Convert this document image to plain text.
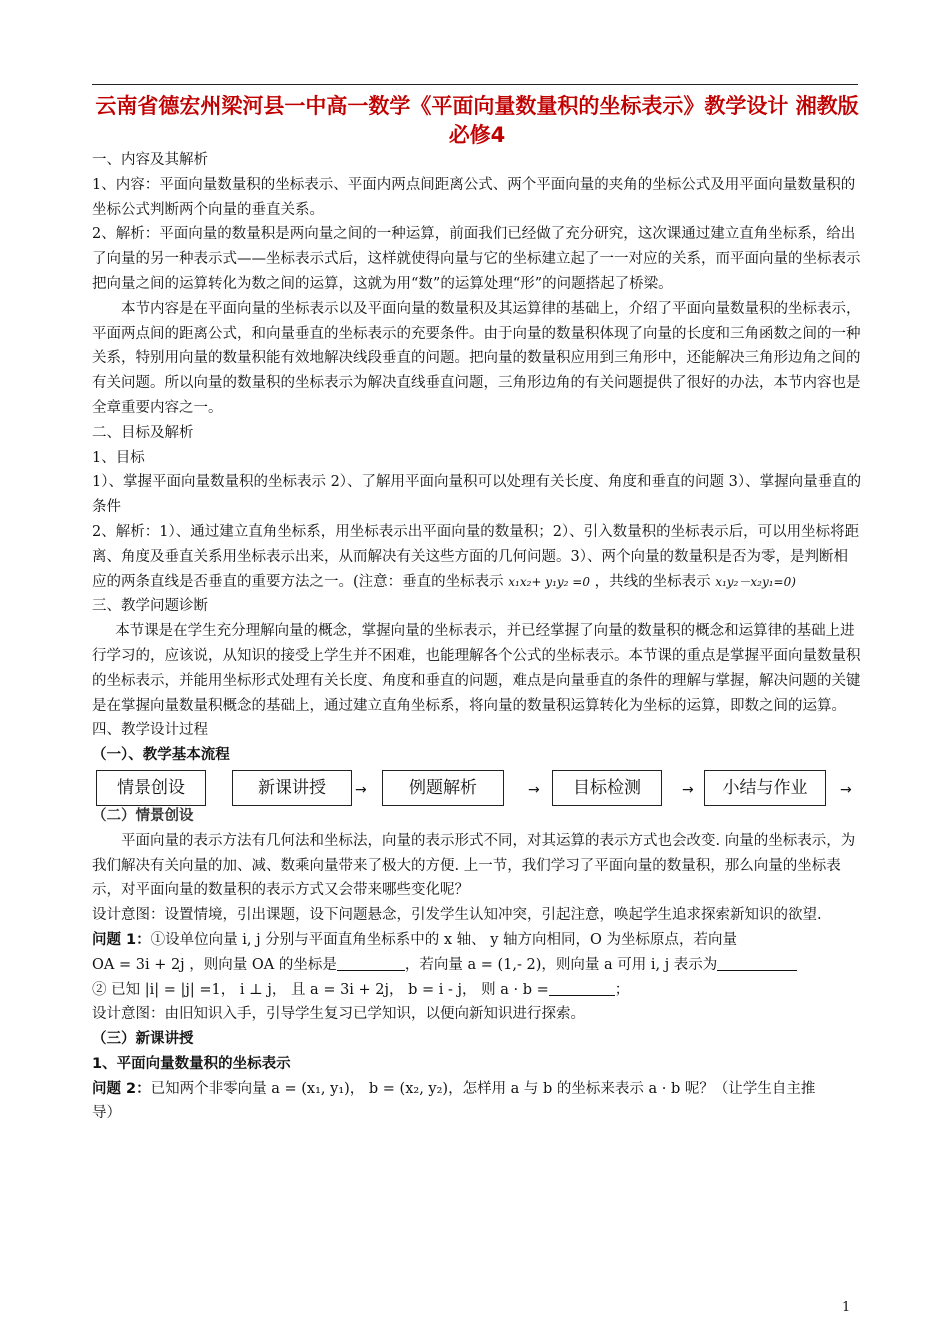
云南省德宏州梁河县一中高一数学《平面向量数量积的坐标表示》教学设计 湘教版必修4

一、内容及其解析

1、内容：平面向量数量积的坐标表示、平面内两点间距离公式、两个平面向量的夹角的坐标公式及用平面向量数量积的坐标公式判断两个向量的垂直关系。

2、解析：平面向量的数量积是两向量之间的一种运算，前面我们已经做了充分研究，这次课通过建立直角坐标系，给出了向量的另一种表示式——坐标表示式后，这样就使得向量与它的坐标建立起了一一对应的关系，而平面向量的坐标表示把向量之间的运算转化为数之间的运算，这就为用“数”的运算处理“形”的问题搭起了桥梁。

本节内容是在平面向量的坐标表示以及平面向量的数量积及其运算律的基础上，介绍了平面向量数量积的坐标表示，平面两点间的距离公式，和向量垂直的坐标表示的充要条件。由于向量的数量积体现了向量的长度和三角函数之间的一种关系，特别用向量的数量积能有效地解决线段垂直的问题。把向量的数量积应用到三角形中，还能解决三角形边角之间的有关问题。所以向量的数量积的坐标表示为解决直线垂直问题，三角形边角的有关问题提供了很好的办法，本节内容也是全章重要内容之一。

二、目标及解析

1、目标

1）、掌握平面向量数量积的坐标表示 2）、了解用平面向量积可以处理有关长度、角度和垂直的问题 3）、掌握向量垂直的条件

2、解析：1）、通过建立直角坐标系，用坐标表示出平面向量的数量积；2）、引入数量积的坐标表示后，可以用坐标将距离、角度及垂直关系用坐标表示出来，从而解决有关这些方面的几何问题。3）、两个向量的数量积是否为零，是判断相应的两条直线是否垂直的重要方法之一。(注意：垂直的坐标表示 x₁x₂+ y₁y₂ =0 ，共线的坐标表示 x₁y₂－x₂y₁=0)

三、教学问题诊断

本节课是在学生充分理解向量的概念，掌握向量的坐标表示，并已经掌握了向量的数量积的概念和运算律的基础上进行学习的，应该说，从知识的接受上学生并不困难，也能理解各个公式的坐标表示。本节课的重点是掌握平面向量数量积的坐标表示，并能用坐标形式处理有关长度、角度和垂直的问题，难点是向量垂直的条件的理解与掌握，解决问题的关键是在掌握向量数量积概念的基础上，通过建立直角坐标系，将向量的数量积运算转化为坐标的运算，即数之间的运算。

四、教学设计过程

（一）、教学基本流程

情景创设	新课讲授	→	例题解析	→	目标检测	→	小结与作业	→

（二）情景创设

平面向量的表示方法有几何法和坐标法，向量的表示形式不同，对其运算的表示方式也会改变. 向量的坐标表示，为我们解决有关向量的加、减、数乘向量带来了极大的方便. 上一节，我们学习了平面向量的数量积，那么向量的坐标表示，对平面向量的数量积的表示方式又会带来哪些变化呢？

设计意图：设置情境，引出课题，设下问题悬念，引发学生认知冲突，引起注意，唤起学生追求探索新知识的欲望.

问题 1：①设单位向量 i, j 分别与平面直角坐标系中的 x 轴、 y 轴方向相同，O 为坐标原点，若向量

OA = 3i + 2j ，则向量 OA 的坐标是	，若向量 a = (1,- 2)，则向量 a 可用 i, j 表示为

② 已知 |i| = |j| =1， i ⊥ j， 且 a = 3i + 2j， b = i - j， 则 a · b =	；

设计意图：由旧知识入手，引导学生复习已学知识，以便向新知识进行探索。

（三）新课讲授

1、平面向量数量积的坐标表示

问题 2：已知两个非零向量 a = (x₁, y₁)， b = (x₂, y₂)，怎样用 a 与 b 的坐标来表示 a · b 呢？（让学生自主推

导）

1
